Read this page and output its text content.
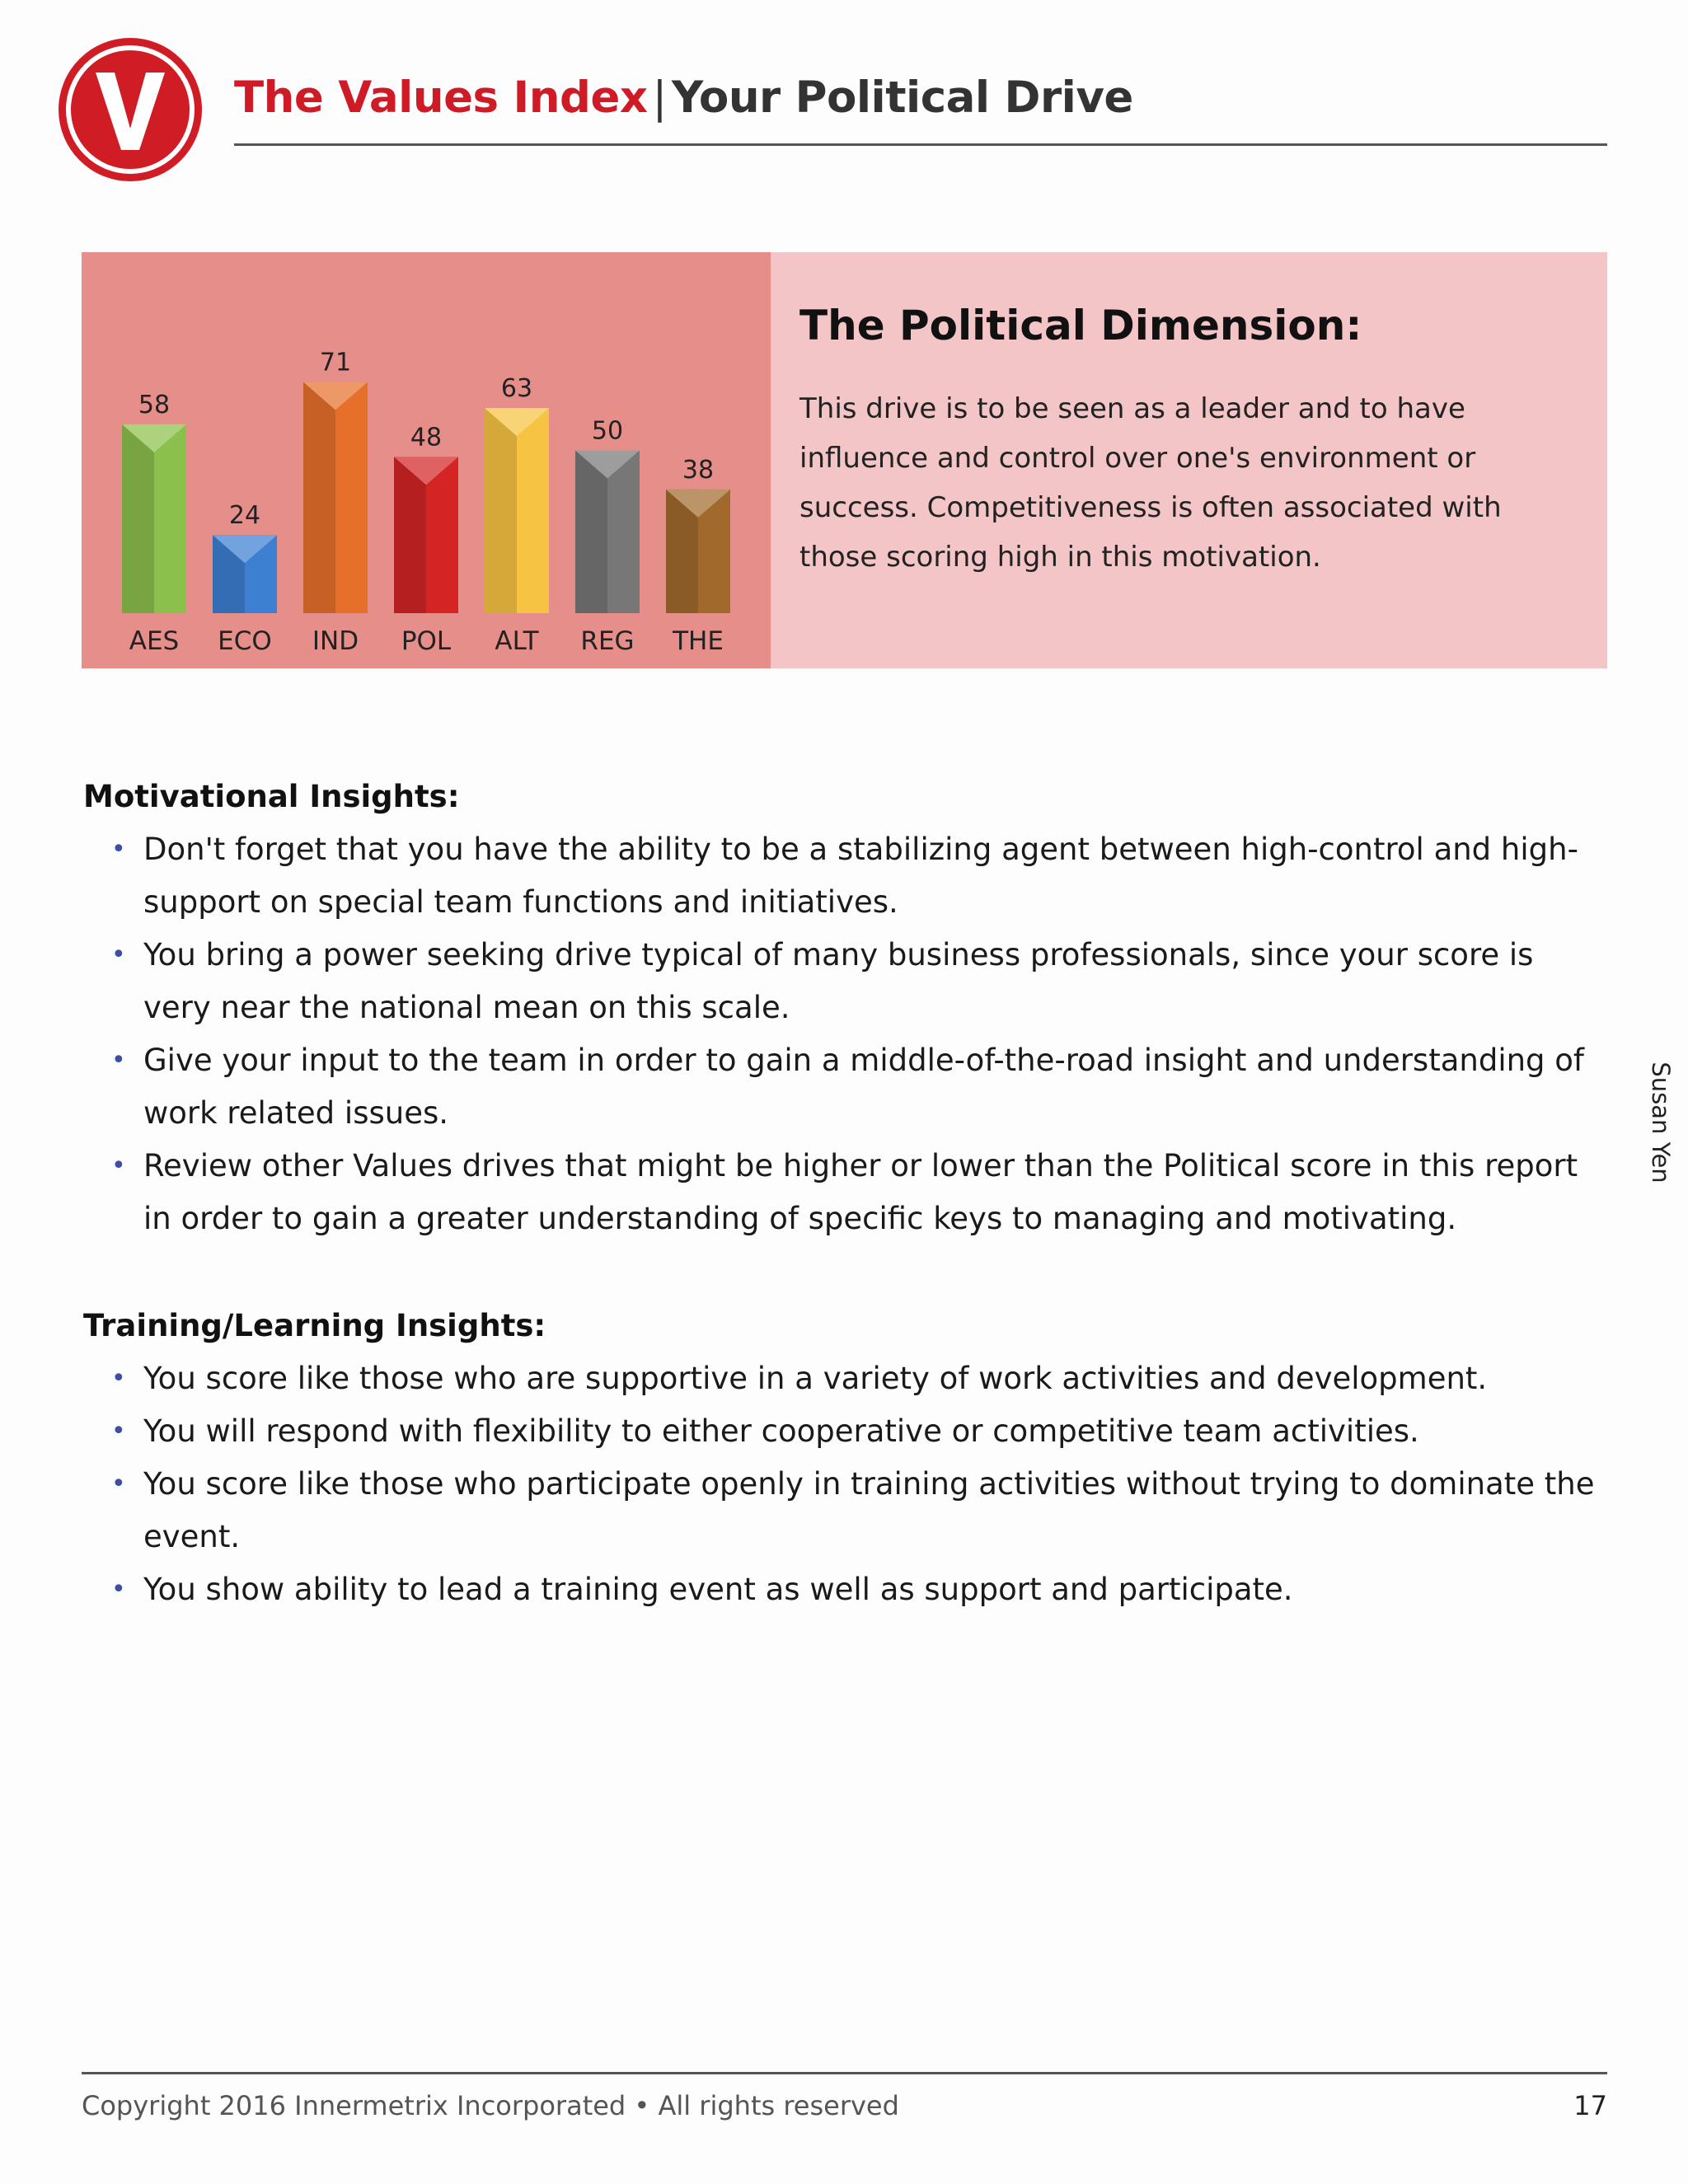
The Values Index | Your Political Drive
58
AES
24
ECO
71
IND
48
POL
63
ALT
50
REG
38
THE
The Political Dimension:
This drive is to be seen as a leader and to have influence and control over one's environment or success. Competitiveness is often associated with those scoring high in this motivation.
Motivational Insights:
• Don't forget that you have the ability to be a stabilizing agent between high-control and high-support on special team functions and initiatives.
• You bring a power seeking drive typical of many business professionals, since your score is very near the national mean on this scale.
• Give your input to the team in order to gain a middle-of-the-road insight and understanding of work related issues.
• Review other Values drives that might be higher or lower than the Political score in this report in order to gain a greater understanding of specific keys to managing and motivating.
Training/Learning Insights:
• You score like those who are supportive in a variety of work activities and development.
• You will respond with flexibility to either cooperative or competitive team activities.
• You score like those who participate openly in training activities without trying to dominate the event.
• You show ability to lead a training event as well as support and participate.
Susan Yen
Copyright 2016 Innermetrix Incorporated • All rights reserved	17
